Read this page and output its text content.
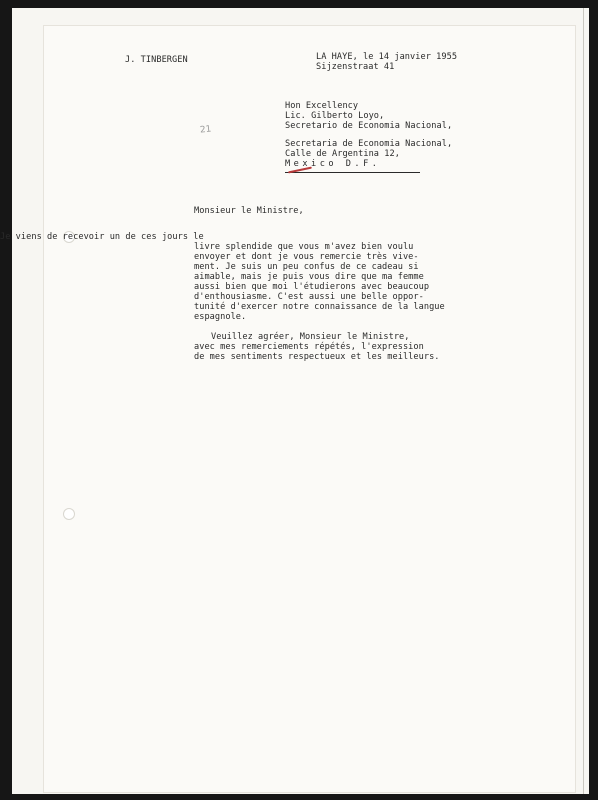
J. TINBERGEN	LA HAYE, le 14 janvier 1955
Sijzenstraat 41
21
Hon Excellency
Lic. Gilberto Loyo,
Secretario de Economia Nacional,
Secretaria de Economia Nacional,
Calle de Argentina 12,
Mexico D.F.
Monsieur le Ministre,
Je viens de recevoir un de ces jours le
livre splendide que vous m'avez bien voulu
envoyer et dont je vous remercie très vive-
ment. Je suis un peu confus de ce cadeau si
aimable, mais je puis vous dire que ma femme
aussi bien que moi l'étudierons avec beaucoup
d'enthousiasme. C'est aussi une belle oppor-
tunité d'exercer notre connaissance de la langue
espagnole.
Veuillez agréer, Monsieur le Ministre,
avec mes remerciements répétés, l'expression
de mes sentiments respectueux et les meilleurs.
